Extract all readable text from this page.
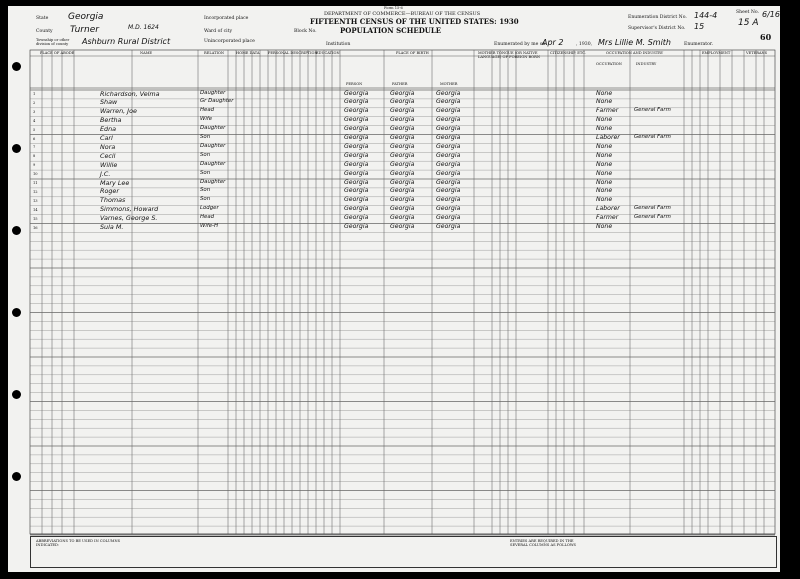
Form 15-6
DEPARTMENT OF COMMERCE—BUREAU OF THE CENSUS
FIFTEENTH CENSUS OF THE UNITED STATES: 1930
POPULATION SCHEDULE
State Georgia
County Turner	M.D. 1624
Township or other division of county	Ashburn Rural District
Incorporated place
Ward of city	Block No.
Unincorporated place
Institution	Enumerated by me on
Apr 2	, 1930, Mrs Lillie M. Smith	Enumerator.
Enumeration District No. 144-4
Supervisor's District No. 15
Sheet No.
15 A
6/16
60
PLACE OF ABODE	NAME	RELATION	HOME DATA PERSONAL DESCRIPTION
EDUCATION	PLACE OF BIRTH
PERSON	FATHER	MOTHER
MOTHER TONGUE (OR NATIVE LANGUAGE) OF FOREIGN BORN
CITIZENSHIP, ETC.	OCCUPATION AND INDUSTRY
OCCUPATION	INDUSTRY
EMPLOYMENT	VETERANS
1	Richardson, Velma	Daughter	Georgia	Georgia	Georgia	None
2	Shaw	Gr Daughter	Georgia	Georgia	Georgia	None
3	Warren, Joe	Head	Georgia	Georgia	Georgia	Farmer	General Farm
4	Bertha	Wife	Georgia	Georgia	Georgia	None
5	Edna	Daughter	Georgia	Georgia	Georgia	None
6	Carl	Son	Georgia	Georgia	Georgia	Laborer	General Farm
7	Nora	Daughter	Georgia	Georgia	Georgia	None
8	Cecil	Son	Georgia	Georgia	Georgia	None
9	Willie	Daughter	Georgia	Georgia	Georgia	None
10	J.C.	Son	Georgia	Georgia	Georgia	None
11	Mary Lee	Daughter	Georgia	Georgia	Georgia	None
12	Roger	Son	Georgia	Georgia	Georgia	None
13	Thomas	Son	Georgia	Georgia	Georgia	None
14	Simmons, Howard	Lodger	Georgia	Georgia	Georgia	Laborer	General Farm
15	Varnes, George S.	Head	Georgia	Georgia	Georgia	Farmer	General Farm
16	Sula M.	Wife-H	Georgia	Georgia	Georgia	None
ABBREVIATIONS TO BE USED IN COLUMNS INDICATED:
ENTRIES ARE REQUIRED IN THE SEVERAL COLUMNS AS FOLLOWS
